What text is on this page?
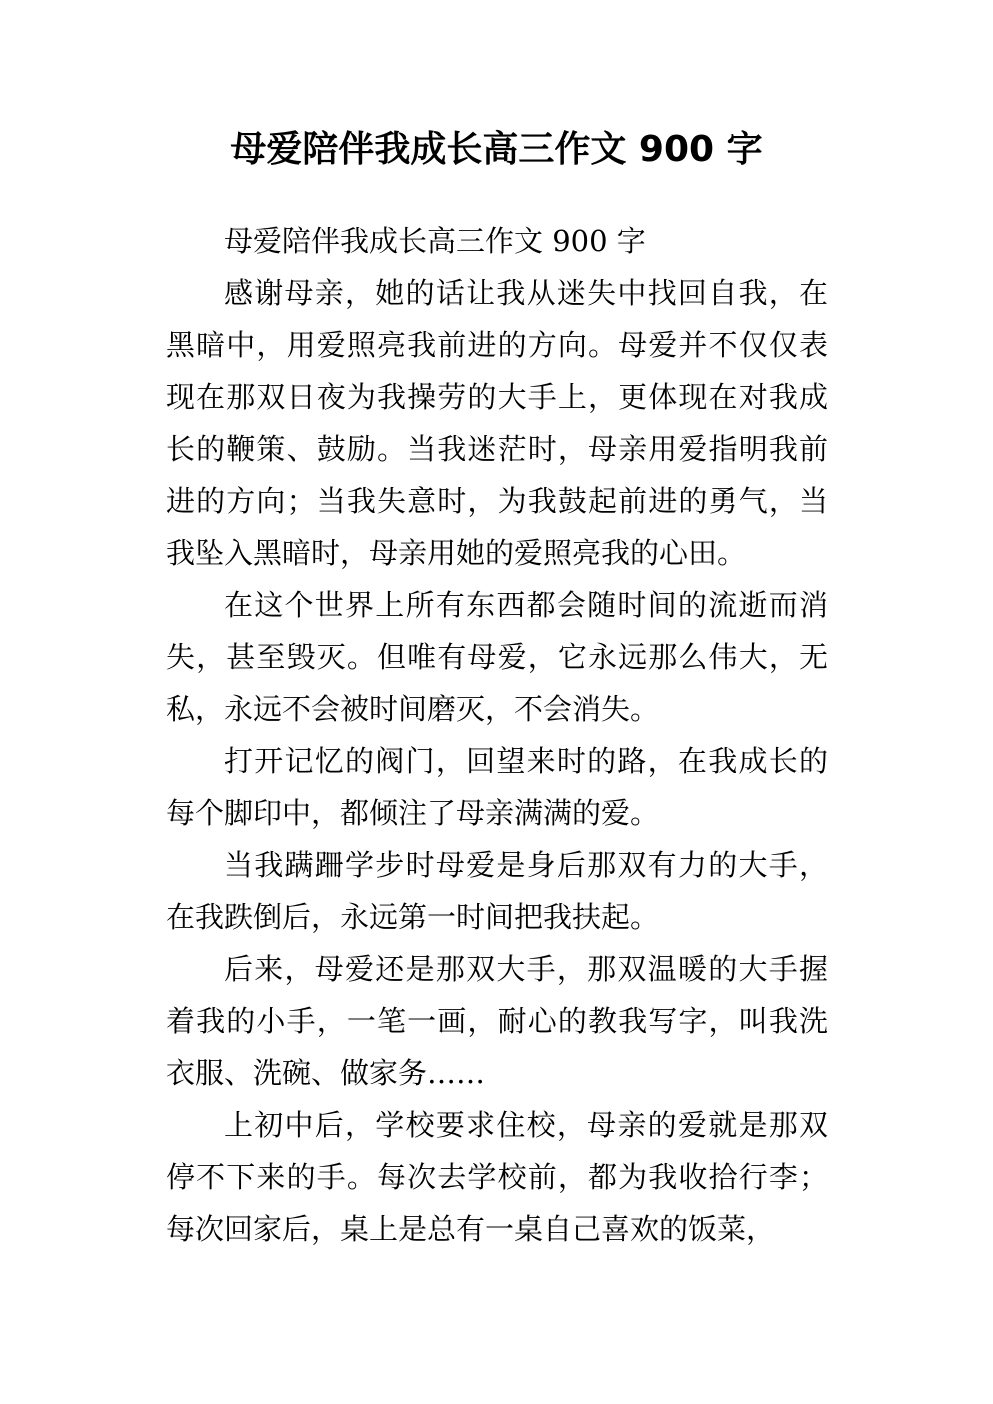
母爱陪伴我成长高三作文 900 字

母爱陪伴我成长高三作文 900 字

感谢母亲，她的话让我从迷失中找回自我，在黑暗中，用爱照亮我前进的方向。母爱并不仅仅表现在那双日夜为我操劳的大手上，更体现在对我成长的鞭策、鼓励。当我迷茫时，母亲用爱指明我前进的方向；当我失意时，为我鼓起前进的勇气，当我坠入黑暗时，母亲用她的爱照亮我的心田。

在这个世界上所有东西都会随时间的流逝而消失，甚至毁灭。但唯有母爱，它永远那么伟大，无私，永远不会被时间磨灭，不会消失。

打开记忆的阀门，回望来时的路，在我成长的每个脚印中，都倾注了母亲满满的爱。

当我蹒跚学步时母爱是身后那双有力的大手，在我跌倒后，永远第一时间把我扶起。

后来，母爱还是那双大手，那双温暖的大手握着我的小手，一笔一画，耐心的教我写字，叫我洗衣服、洗碗、做家务……

上初中后，学校要求住校，母亲的爱就是那双停不下来的手。每次去学校前，都为我收拾行李；每次回家后，桌上是总有一桌自己喜欢的饭菜，
